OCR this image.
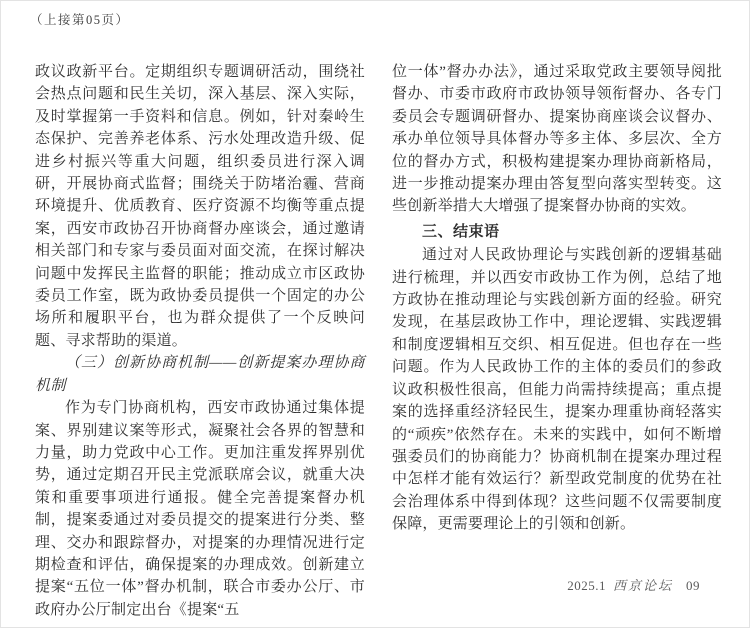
（上接第05页）

政议政新平台。定期组织专题调研活动，围绕社会热点问题和民生关切，深入基层、深入实际，及时掌握第一手资料和信息。例如，针对秦岭生态保护、完善养老体系、污水处理改造升级、促进乡村振兴等重大问题，组织委员进行深入调研，开展协商式监督；围绕关于防堵治霾、营商环境提升、优质教育、医疗资源不均衡等重点提案，西安市政协召开协商督办座谈会，通过邀请相关部门和专家与委员面对面交流，在探讨解决问题中发挥民主监督的职能；推动成立市区政协委员工作室，既为政协委员提供一个固定的办公场所和履职平台，也为群众提供了一个反映问题、寻求帮助的渠道。

（三）创新协商机制——创新提案办理协商机制

作为专门协商机构，西安市政协通过集体提案、界别建议案等形式，凝聚社会各界的智慧和力量，助力党政中心工作。更加注重发挥界别优势，通过定期召开民主党派联席会议，就重大决策和重要事项进行通报。健全完善提案督办机制，提案委通过对委员提交的提案进行分类、整理、交办和跟踪督办，对提案的办理情况进行定期检查和评估，确保提案的办理成效。创新建立提案“五位一体”督办机制，联合市委办公厅、市政府办公厅制定出台《提案“五

位一体”督办办法》，通过采取党政主要领导阅批督办、市委市政府市政协领导领衔督办、各专门委员会专题调研督办、提案协商座谈会议督办、承办单位领导具体督办等多主体、多层次、全方位的督办方式，积极构建提案办理协商新格局，进一步推动提案办理由答复型向落实型转变。这些创新举措大大增强了提案督办协商的实效。

三、结束语

通过对人民政协理论与实践创新的逻辑基础进行梳理，并以西安市政协工作为例，总结了地方政协在推动理论与实践创新方面的经验。研究发现，在基层政协工作中，理论逻辑、实践逻辑和制度逻辑相互交织、相互促进。但也存在一些问题。作为人民政协工作的主体的委员们的参政议政积极性很高，但能力尚需持续提高；重点提案的选择重经济轻民生，提案办理重协商轻落实的“顽疾”依然存在。未来的实践中，如何不断增强委员们的协商能力？协商机制在提案办理过程中怎样才能有效运行？新型政党制度的优势在社会治理体系中得到体现？这些问题不仅需要制度保障，更需要理论上的引领和创新。

2025.1 西京论坛 09
